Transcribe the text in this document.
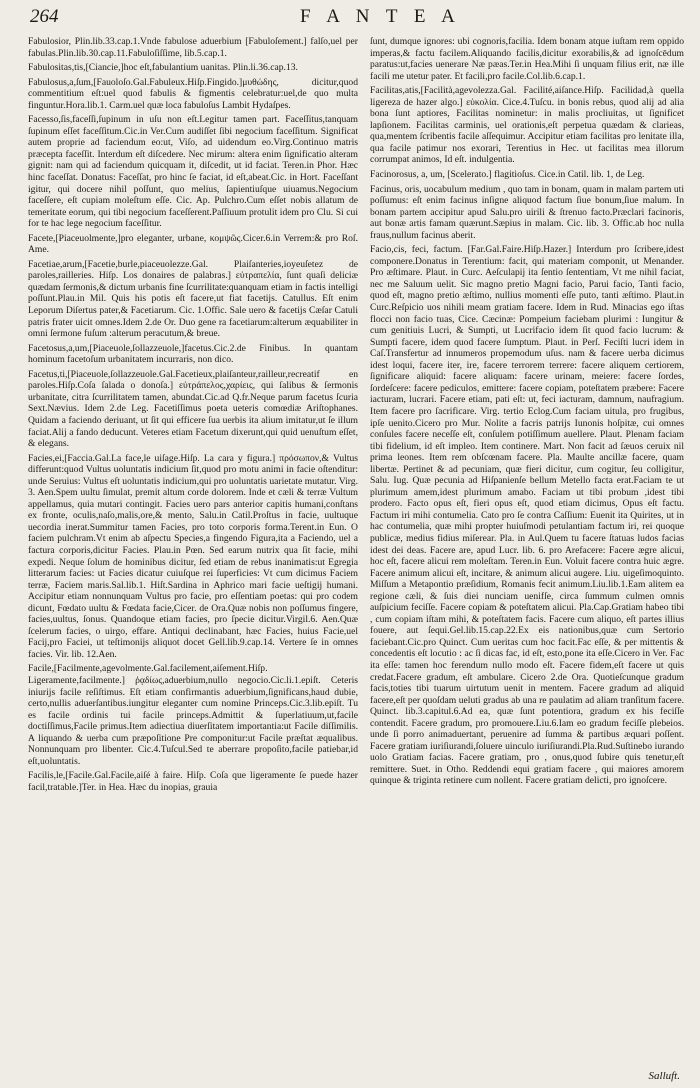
264	F A N T E A
Fabulosior, Plin.lib.33.cap.1.Vnde fabulose aduerbium [Fabuloſement.] falſo,uel per fabulas.Plin.lib.30.cap.11.Fabuloſiſſime, lib.5.cap.1.
Fabulositas,tis,[Ciancie,]hoc eſt,fabulantium uanitas. Plin.li.36.cap.13.
Fabulosus,a,ſum,[Fauoloſo.Gal.Fabuleux.Hiſp.Fingido.]μυθώδης, dicitur,quod commentitium eſt:uel quod fabulis & figmentis celebratur:uel,de quo multa finguntur.Hora.lib.1. Carm.uel quæ loca fabuloſus Lambit Hydaſpes.
Facesso,ſis,faceſſi,ſupinum in uſu non eſt.Legitur tamen part. Faceſſitus,tanquam ſupinum eſſet faceſſitum.Cic.in Ver.Cum audiſſet ſibi negocium faceſſitum. Significat autem proprie ad faciendum eo:ut, Viſo, ad uidendum eo.Virg.Continuo matris præcepta faceſſit. Interdum eſt diſcedere. Nec mirum: altera enim ſignificatio alteram gignit: nam qui ad faciendum quicquam it, diſcedit, ut id faciat. Teren.in Phor. Hæc hinc faceſſat. Donatus: Faceſſat, pro hinc ſe faciat, id eſt,abeat.Cic. in Hort. Faceſſant igitur, qui docere nihil poſſunt, quo melius, ſapientiuſque uiuamus.Negocium faceſſere, eſt cupiam moleſtum eſſe. Cic. Ap. Pulchro.Cum eſſet nobis allatum de temeritate eorum, qui tibi negocium faceſſerent.Paſſiuum protulit idem pro Clu. Si cui for te hac lege negocium faceſſitur.
Facete,[Piaceuolmente,]pro eleganter, urbane, κομψῶς.Cicer.6.in Verrem:& pro Roſ. Ame.
Facetiae,arum,[Facetie,burle,piaceuolezze.Gal. Plaiſanteries,ioyeuſetez de paroles,railleries. Hiſp. Los donaires de palabras.] εὐτραπελία, ſunt quaſi deliciæ quædam ſermonis,& dictum urbanis fine ſcurrilitate:quanquam etiam in factis intelligi poſſunt.Plau.in Mil. Quis his potis eſt facere,ut fiat facetijs. Catullus. Eſt enim Leporum Diſertus pater,& Facetiarum. Cic. 1.Offic. Sale uero & facetijs Cæſar Catuli patris frater uicit omnes.Idem 2.de Or. Duo gene ra facetiarum:alterum æquabiliter in omni ſermone fuſum :alterum peracutum,& breue.
Facetosus,a,um,[Piaceuole,ſollazzeuole,]facetus.Cic.2.de Finibus. In quantam hominum facetoſum urbanitatem incurraris, non dico.
Facetus,ti,[Piaceuole,ſollazzeuole.Gal.Facetieux,plaiſanteur,railleur,recreatif en paroles.Hiſp.Coſa ſalada o donoſa.] εὐτράπελος,χαρίεις, qui ſalibus & ſermonis urbanitate, citra ſcurrilitatem tamen, abundat.Cic.ad Q.fr.Neque parum facetus ſcuria Sext.Nævius. Idem 2.de Leg. Facetiſſimus poeta ueteris comœdiæ Ariſtophanes. Quidam a faciendo deriuant, ut ſit qui efficere ſua uerbis ita alium imitatur,ut ſe illum faciat.Alij a fando deducunt. Veteres etiam Facetum dixerunt,qui quid uenuſtum eſſet, & elegans.
Facies,ei,[Faccia.Gal.La face,le uiſage.Hiſp. La cara y figura.] πρόσωπον,& Vultus differunt:quod Vultus uoluntatis indicium ſit,quod pro motu animi in facie oſtenditur: unde Seruius: Vultus eſt uoluntatis indicium,qui pro uoluntatis uarietate mutatur. Virg. 3. Aen.Spem uultu ſimulat, premit altum corde dolorem. Inde et cæli & terræ Vultum appellamus, quia mutari contingit. Facies uero pars anterior capitis humani,conſtans ex fronte, oculis,naſo,malis,ore,& mento, Salu.in Catil.Proſtus in facie, uultuque uecordia inerat.Summitur tamen Facies, pro toto corporis forma.Terent.in Eun. O faciem pulchram.Vt enim ab aſpectu Species,a fingendo Figura,ita a Faciendo, uel a factura corporis,dicitur Facies. Plau.in Pœn. Sed earum nutrix qua ſit facie, mihi expedi. Neque ſolum de hominibus dicitur, ſed etiam de rebus inanimatis:ut Egregia litterarum facies: ut Facies dicatur cuiuſque rei ſuperficies: Vt cum dicimus Faciem terræ, Faciem maris.Sal.lib.1. Hiſt.Sardina in Aphrico mari facie ueſtigij humani. Accipitur etiam nonnunquam Vultus pro facie, pro eſſentiam poetas: qui pro codem dicunt, Fœdato uultu & Fœdata facie,Cicer. de Ora.Quæ nobis non poſſumus fingere, facies,uultus, ſonus. Quandoque etiam facies, pro ſpecie dicitur.Virgil.6. Aen.Quæ ſcelerum facies, o uirgo, effare. Antiqui declinabant, hæc Facies, huius Facie,uel Facij,pro Faciei, ut teſtimonijs aliquot docet Gell.lib.9.cap.14. Vertere ſe in omnes facies. Vir. lib. 12.Aen.
Facile,[Facilmente,agevolmente.Gal.facilement,aiſement.Hiſp. Ligeramente,facilmente.] ῥᾳδίως,aduerbium,nullo negocio.Cic.li.1.epiſt. Ceteris iniurijs facile reſiſtimus. Eſt etiam confirmantis aduerbium,ſignificans,haud dubie, certo,nullis aduerſantibus.iungitur eleganter cum nomine Princeps.Cic.3.lib.epiſt. Tu es facile ordinis tui facile princeps.Admittit & ſuperlatiuum,ut,facile doctiſſimus,Facile primus.Item adiectiua diuerſitatem importantia:ut Facile diſſimilis. A liquando & uerba cum præpoſitione Pre componitur:ut Facile præſtat æqualibus. Nonnunquam pro libenter. Cic.4.Tuſcul.Sed te aberrare propoſito,facile patiebar,id eſt,uoluntatis.
Facilis,le,[Facile.Gal.Facile,aiſé à faire. Hiſp. Coſa que ligeramente ſe puede hazer facil,tratable.]Ter. in Hea. Hæc du inopias, grauia
ſunt, dumque ignores: ubi cognoris,facilia. Idem bonam atque iuſtam rem oppido imperas,& factu facilem.Aliquando facilis,dicitur exorabilis,& ad ignoſcēdum paratus:ut,facies uenerare Næ pæas.Ter.in Hea.Mihi ſi unquam filius erit, næ ille facili me utetur pater. Et facili,pro facile.Col.lib.6.cap.1.
Facilitas,atis,[Facilità,agevolezza.Gal. Facilité,aiſance.Hiſp. Facilidad,à quella ligereza de hazer algo.] εὐκολία. Cice.4.Tuſcu. in bonis rebus, quod alij ad alia bona ſunt aptiores, Facilitas nominetur: in malis procliuitas, ut ſignificet lapſionem. Facilitas carminis, uel orationis,eſt perpetua quædam & clarieas, qua,mentem ſcribentis facile aſſequimur. Accipitur etiam facilitas pro lenitate illa, qua facile patimur nos exorari, Terentius in Hec. ut facilitas mea illorum corrumpat animos, Id eſt. indulgentia.
Facinorosus, a, um, [Scelerato.] flagitioſus. Cice.in Catil. lib. 1, de Leg.
Facinus, oris, uocabulum medium , quo tam in bonam, quam in malam partem uti poſſumus: eſt enim facinus inſigne aliquod factum ſiue bonum,ſiue malum. In bonam partem accipitur apud Salu.pro uirili & ſtrenuo facto.Præclari facinoris, aut bonæ artis famam quærunt.Sæpius in malam. Cic. lib. 3. Offic.ab hoc nulla fraus,nullum facinus aberit.
Facio,cis, feci, factum. [Far.Gal.Faire.Hiſp.Hazer.] Interdum pro ſcribere,idest componere.Donatus in Terentium: facit, qui materiam componit, ut Menander. Pro æſtimare. Plaut. in Curc. Aeſculapij ita ſentio ſententiam, Vt me nihil faciat, nec me Saluum uelit. Sic magno pretio Magni facio, Parui facio, Tanti facio, quod eſt, magno pretio æſtimo, nullius momenti eſſe puto, tanti æſtimo. Plaut.in Curc.Reſpicio uos nihili meam gratiam facere. Idem in Rud. Minacias ego iſtas flocci non facio tuas, Cice. Cæcinæ: Pompeium faciebam plurimi : Iungitur & cum genitiuis Lucri, & Sumpti, ut Lucrifacio idem ſit quod facio lucrum: & Sumpti facere, idem quod facere ſumptum. Plaut. in Perſ. Feciſti lucri idem in Caſ.Transfertur ad innumeros propemodum uſus. nam & facere uerba dicimus idest loqui, facere iter, ire, facere terrorem terrere: facere aliquem certiorem, ſignificare aliquid: facere aliquam: facere urinam, meiere: facere ſordes, ſordeſcere: facere pediculos, emittere: facere copiam, poteſtatem præbere: Facere iacturam, lucrari. Facere etiam, pati eſt: ut, feci iacturam, damnum, naufragium. Item facere pro ſacrificare. Virg. tertio Eclog.Cum faciam uitula, pro frugibus, ipſe uenito.Cicero pro Mur. Nolite a facris patrijs Iunonis hoſpitæ, cui omnes conſules facere neceſſe eſt, conſulem potiſſimum auellere. Plaut. Plenam faciam tibi fidelium, id eſt impleo. Item continere. Mart. Non facit ad ſæuos ceruix nil prima leones. Item rem obſcœnam facere. Pla. Maulte ancillæ facere, quam libertæ. Pertinet & ad pecuniam, quæ fieri dicitur, cum cogitur, ſeu colligitur, Salu. Iug. Quæ pecunia ad Hiſpanienſe bellum Metello facta erat.Faciam te ut plurimum amem,idest plurimum amabo. Faciam ut tibi probum ,idest tibi prodero. Facto opus eſt, fieri opus eſt, quod etiam dicimus, Opus eſt factu. Factum iri mihi contumelia. Cato pro ſe contra Caſſium: Euenit ita Quirites, ut in hac contumelia, quæ mihi propter huiuſmodi petulantiam factum iri, rei quoque publicæ, medius fidius miſerear. Pla. in Aul.Quem tu facere ſtatuas ludos facias idest dei deas. Facere are, apud Lucr. lib. 6. pro Arefacere: Facere ægre alicui, hoc eſt, facere alicui rem moleſtam. Teren.in Eun. Voluit facere contra huic ægre. Facere animum alicui eſt, incitare, & animum alicui augere. Liu. uigeſimoquinto. Miſſum a Metapontio præſidium, Romanis fecit animum.Liu.lib.1.Eam alitem ea regione cæli, & ſuis diei nunciam uenifſe, circa ſummum culmen omnis auſpicium feciſſe. Facere copiam & poteſtatem alicui. Pla.Cap.Gratiam habeo tibi , cum copiam iſtam mihi, & poteſtatem facis. Facere cum aliquo, eſt partes illius fouere, aut ſequi.Gel.lib.15.cap.22.Ex eis nationibus,quæ cum Sertorio faciebant.Cic.pro Quinct. Cum ueritas cum hoc facit.Fac eſſe, & per mittentis & concedentis eſt locutio : ac ſi dicas fac, id eſt, esto,pone ita eſſe.Cicero in Ver. Fac ita eſſe: tamen hoc ferendum nullo modo eſt. Facere fidem,eſt facere ut quis credat.Facere gradum, eſt ambulare. Cicero 2.de Ora. Quotieſcunque gradum facis,toties tibi tuarum uirtutum uenit in mentem. Facere gradum ad aliquid facere,eſt per quoſdam ueluti gradus ab una re paulatim ad aliam tranſitum facere. Quinct. lib.3.capitul.6.Ad ea, quæ ſunt potentiora, gradum ex his feciſſe contendit. Facere gradum, pro promouere.Liu.6.Iam eo gradum feciſſe plebeios. unde ſi porro animaduertant, peruenire ad ſumma & partibus æquari poſſent. Facere gratiam iuriſiurandi,ſoluere uinculo iuriſiurandi.Pla.Rud.Suſtinebo iurando uolo Gratiam facias. Facere gratiam, pro , onus,quod ſubire quis tenetur,eſt remittere. Suet. in Otho. Reddendi equi gratiam facere , qui maiores amorem quinque & triginta retinere cum nollent. Facere gratiam delicti, pro ignoſcere.
Salluft.
